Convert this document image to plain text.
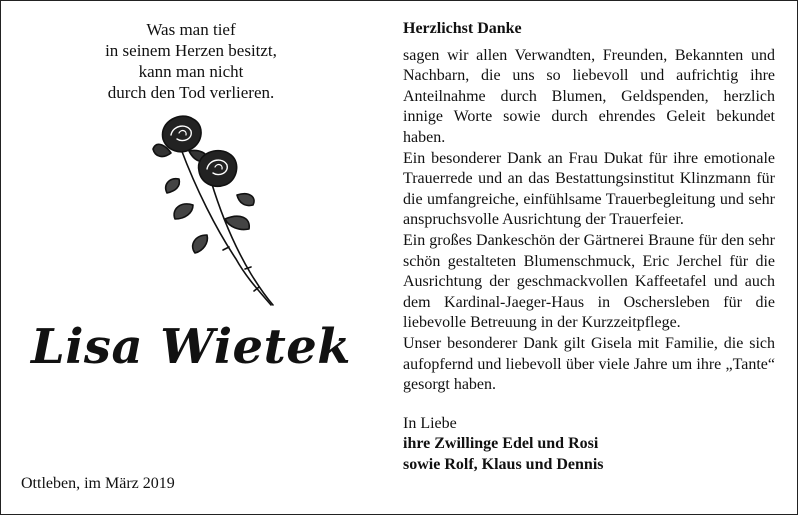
Was man tief
in seinem Herzen besitzt,
kann man nicht
durch den Tod verlieren.
Lisa Wietek
Ottleben, im März 2019
Herzlichst Danke
sagen wir allen Verwandten, Freunden, Bekannten und Nachbarn, die uns so liebevoll und aufrichtig ihre Anteilnahme durch Blumen, Geldspenden, herzlich innige Worte sowie durch ehrendes Geleit bekundet haben.
Ein besonderer Dank an Frau Dukat für ihre emotionale Trauerrede und an das Bestattungsinstitut Klinzmann für die umfangreiche, einfühlsame Trauerbegleitung und sehr anspruchsvolle Ausrichtung der Trauerfeier.
Ein großes Dankeschön der Gärtnerei Braune für den sehr schön gestalteten Blumenschmuck, Eric Jerchel für die Ausrichtung der geschmackvollen Kaffeetafel und auch dem Kardinal-Jaeger-Haus in Oschersleben für die liebevolle Betreuung in der Kurzzeitpflege.
Unser besonderer Dank gilt Gisela mit Familie, die sich aufopfernd und liebevoll über viele Jahre um ihre „Tante“ gesorgt haben.
In Liebe
ihre Zwillinge Edel und Rosi
sowie Rolf, Klaus und Dennis
